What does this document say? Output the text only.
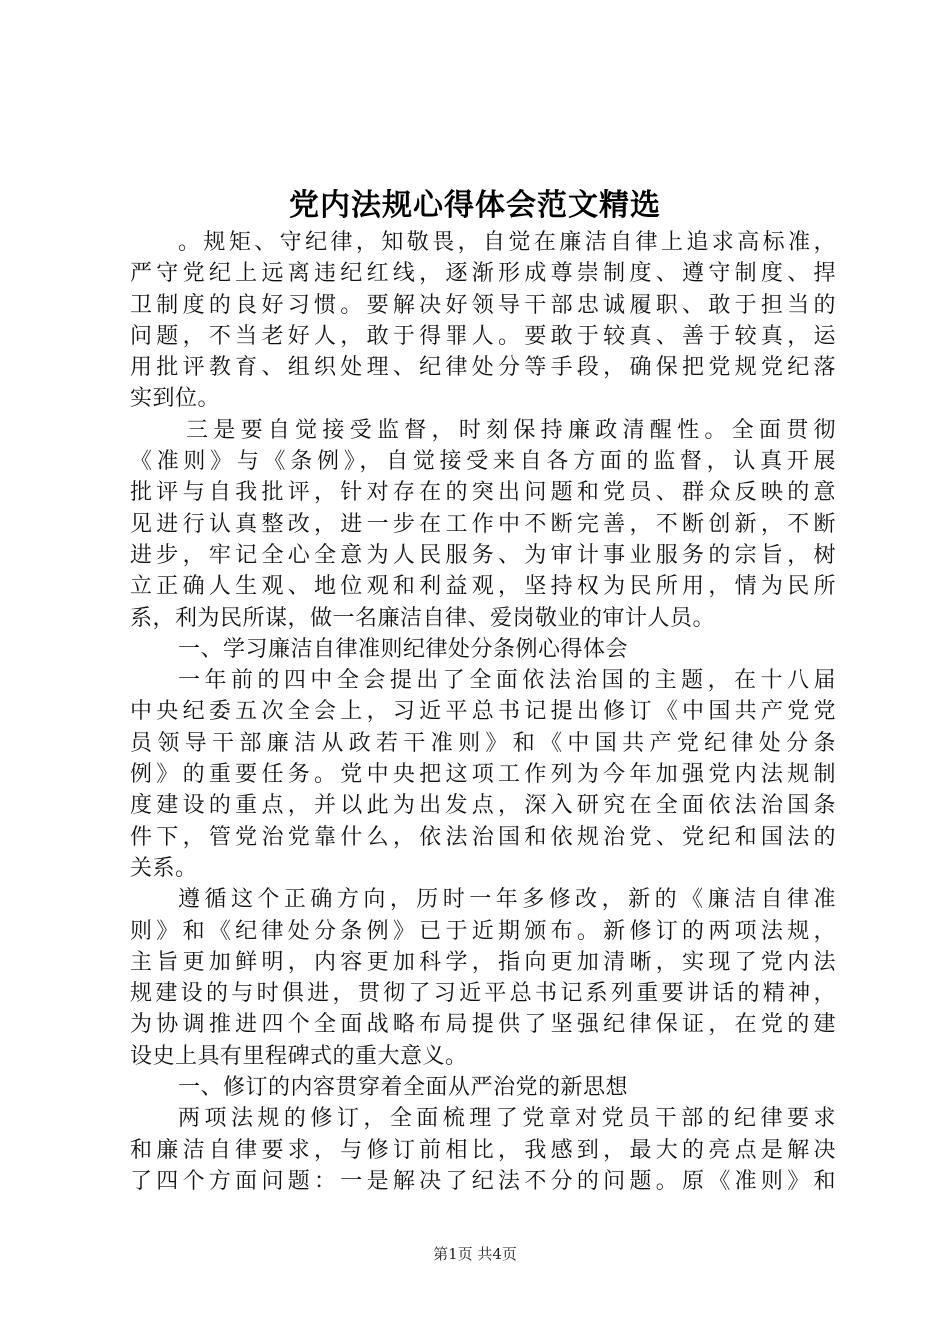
党内法规心得体会范文精选
。规矩、守纪律，知敬畏，自觉在廉洁自律上追求高标准，
严守党纪上远离违纪红线，逐渐形成尊崇制度、遵守制度、捍
卫制度的良好习惯。要解决好领导干部忠诚履职、敢于担当的
问题，不当老好人，敢于得罪人。要敢于较真、善于较真，运
用批评教育、组织处理、纪律处分等手段，确保把党规党纪落
实到位。
三是要自觉接受监督，时刻保持廉政清醒性。全面贯彻
《准则》与《条例》，自觉接受来自各方面的监督，认真开展
批评与自我批评，针对存在的突出问题和党员、群众反映的意
见进行认真整改，进一步在工作中不断完善，不断创新，不断
进步，牢记全心全意为人民服务、为审计事业服务的宗旨，树
立正确人生观、地位观和利益观，坚持权为民所用，情为民所
系，利为民所谋，做一名廉洁自律、爱岗敬业的审计人员。
一、学习廉洁自律准则纪律处分条例心得体会
一年前的四中全会提出了全面依法治国的主题，在十八届
中央纪委五次全会上，习近平总书记提出修订《中国共产党党
员领导干部廉洁从政若干准则》和《中国共产党纪律处分条
例》的重要任务。党中央把这项工作列为今年加强党内法规制
度建设的重点，并以此为出发点，深入研究在全面依法治国条
件下，管党治党靠什么，依法治国和依规治党、党纪和国法的
关系。
遵循这个正确方向，历时一年多修改，新的《廉洁自律准
则》和《纪律处分条例》已于近期颁布。新修订的两项法规，
主旨更加鲜明，内容更加科学，指向更加清晰，实现了党内法
规建设的与时俱进，贯彻了习近平总书记系列重要讲话的精神，
为协调推进四个全面战略布局提供了坚强纪律保证，在党的建
设史上具有里程碑式的重大意义。
一、修订的内容贯穿着全面从严治党的新思想
两项法规的修订，全面梳理了党章对党员干部的纪律要求
和廉洁自律要求，与修订前相比，我感到，最大的亮点是解决
了四个方面问题：一是解决了纪法不分的问题。原《准则》和
第1页 共4页
